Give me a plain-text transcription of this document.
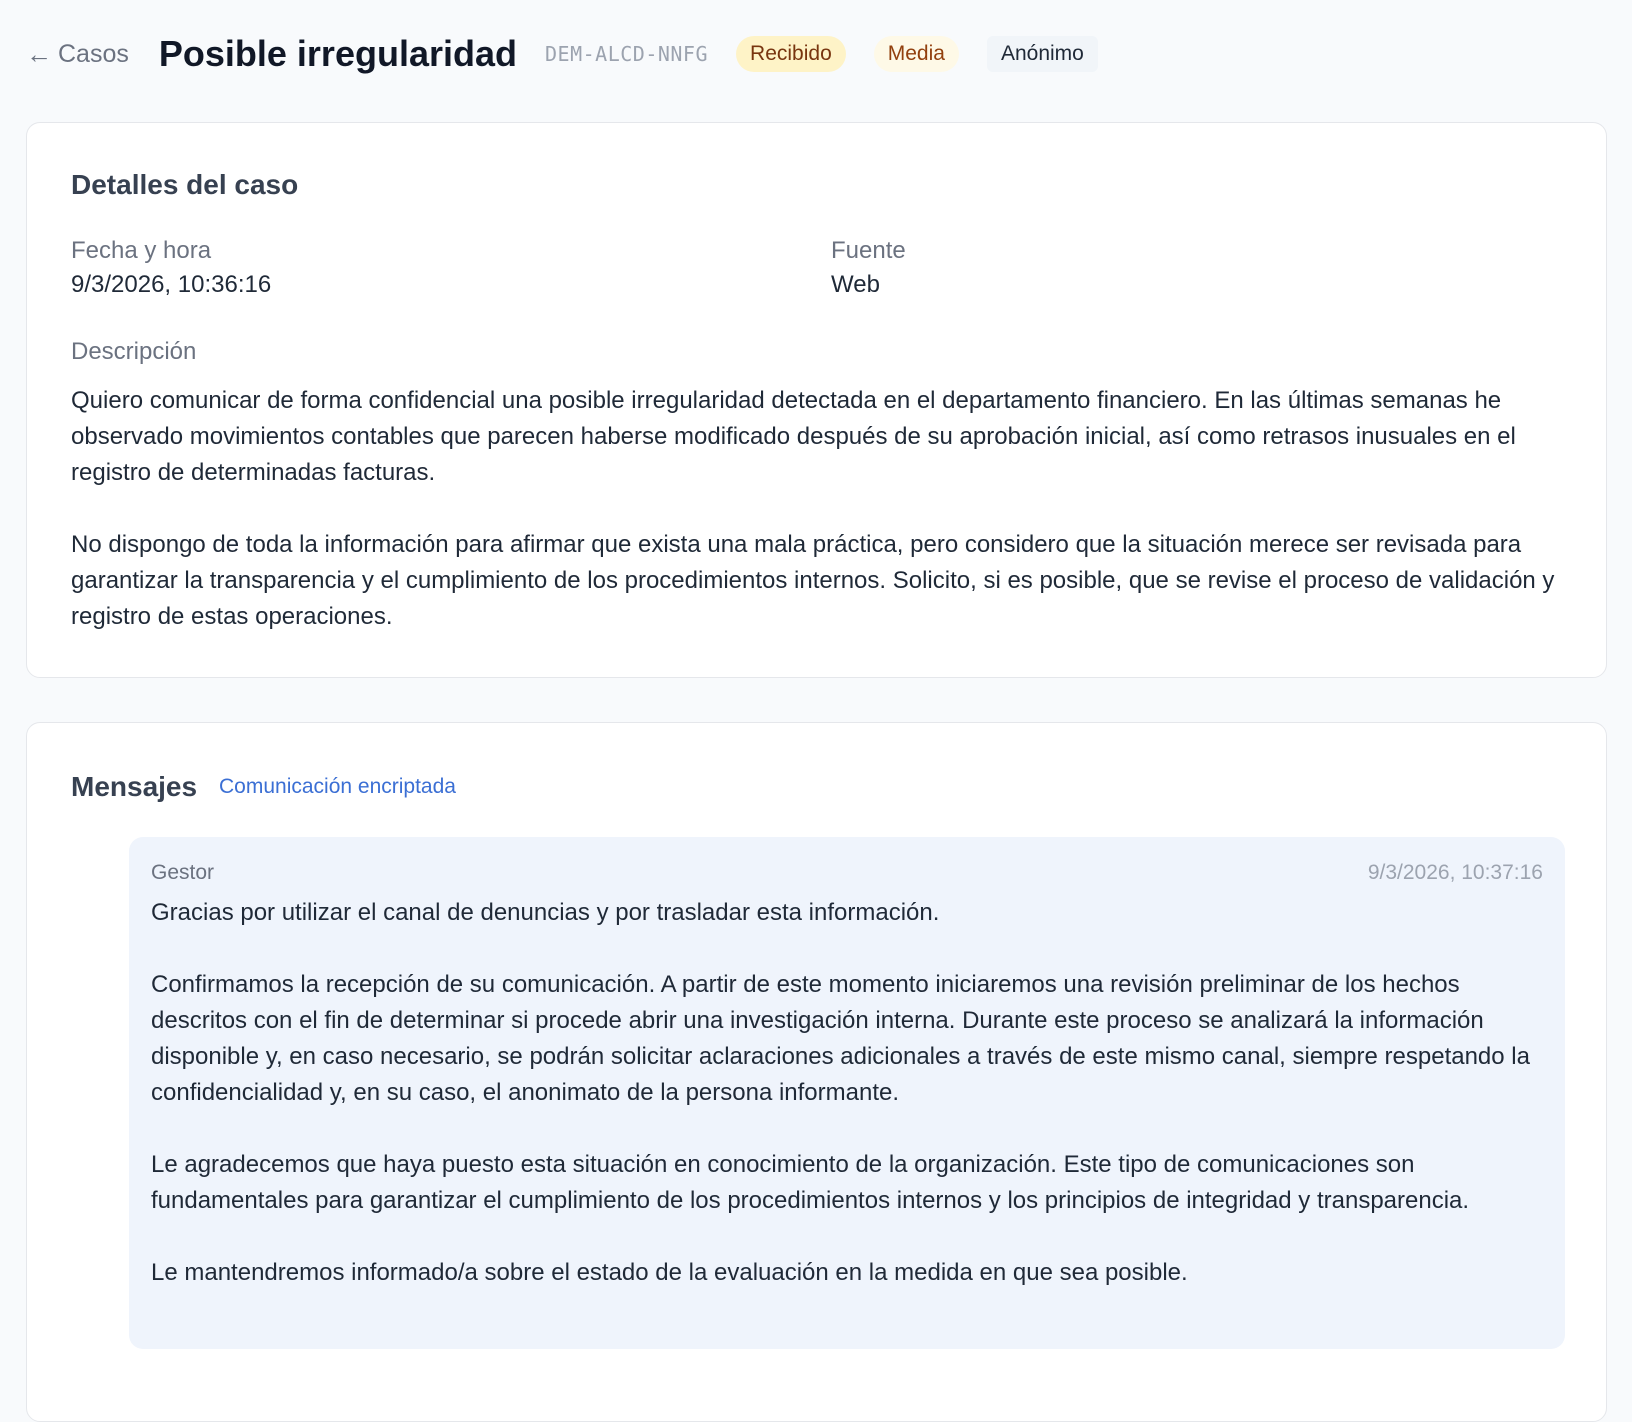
← Casos Posible irregularidad DEM-ALCD-NNFG	Recibido	Media	Anónimo
Detalles del caso
Fecha y hora
9/3/2026, 10:36:16
Fuente
Web
Descripción
Quiero comunicar de forma confidencial una posible irregularidad detectada en el departamento financiero. En las últimas semanas he observado movimientos contables que parecen haberse modificado después de su aprobación inicial, así como retrasos inusuales en el registro de determinadas facturas.

No dispongo de toda la información para afirmar que exista una mala práctica, pero considero que la situación merece ser revisada para garantizar la transparencia y el cumplimiento de los procedimientos internos. Solicito, si es posible, que se revise el proceso de validación y registro de estas operaciones.
Mensajes Comunicación encriptada
Gestor	9/3/2026, 10:37:16
Gracias por utilizar el canal de denuncias y por trasladar esta información.

Confirmamos la recepción de su comunicación. A partir de este momento iniciaremos una revisión preliminar de los hechos descritos con el fin de determinar si procede abrir una investigación interna. Durante este proceso se analizará la información disponible y, en caso necesario, se podrán solicitar aclaraciones adicionales a través de este mismo canal, siempre respetando la confidencialidad y, en su caso, el anonimato de la persona informante.

Le agradecemos que haya puesto esta situación en conocimiento de la organización. Este tipo de comunicaciones son fundamentales para garantizar el cumplimiento de los procedimientos internos y los principios de integridad y transparencia.

Le mantendremos informado/a sobre el estado de la evaluación en la medida en que sea posible.
